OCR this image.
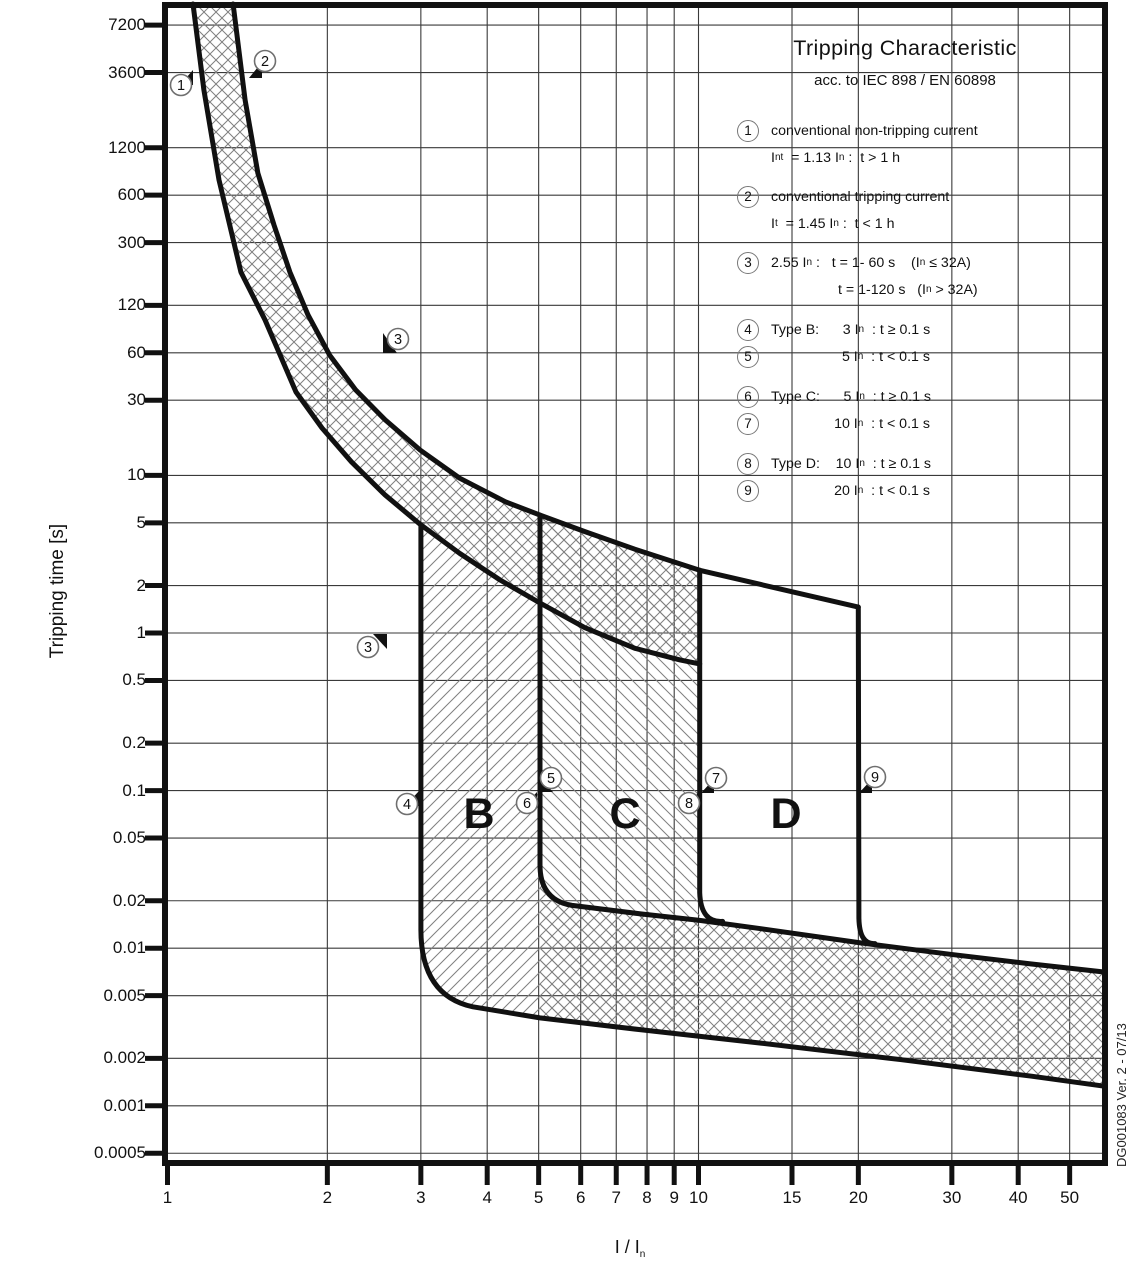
B	C	D
1
2
3
3
4
5
6
7
8
9
Tripping Characteristic
acc. to IEC 898 / EN 60898
Tripping time [s]
I / $I_n$
1	conventional non-tripping current
I nt = 1.13 I n :  t > 1 h
2	conventional tripping current
I t = 1.45 I n :  t < 1 h
3	2.55 I n :   t = 1- 60 s    (I n ≤ 32A)
t = 1-120 s   (I n > 32A)
4
5
Type B:      3 I n : t ≥ 0.1 s
5 I n : t < 0.1 s
6
7
Type C:      5 I n : t ≥ 0.1 s
10 I n : t < 0.1 s
8
9
Type D:    10 I n : t ≥ 0.1 s
20 I n : t < 0.1 s
DG001083 Ver. 2 - 07/13
7200
3600
1200
600
300
120
60
30
10
5
2
1
0.5
0.2
0.1
0.05
0.02
0.01
0.005
0.002
0.001
0.0005
1	2	3	4	5	6	7	8	9 10	15	20	30	40	50
